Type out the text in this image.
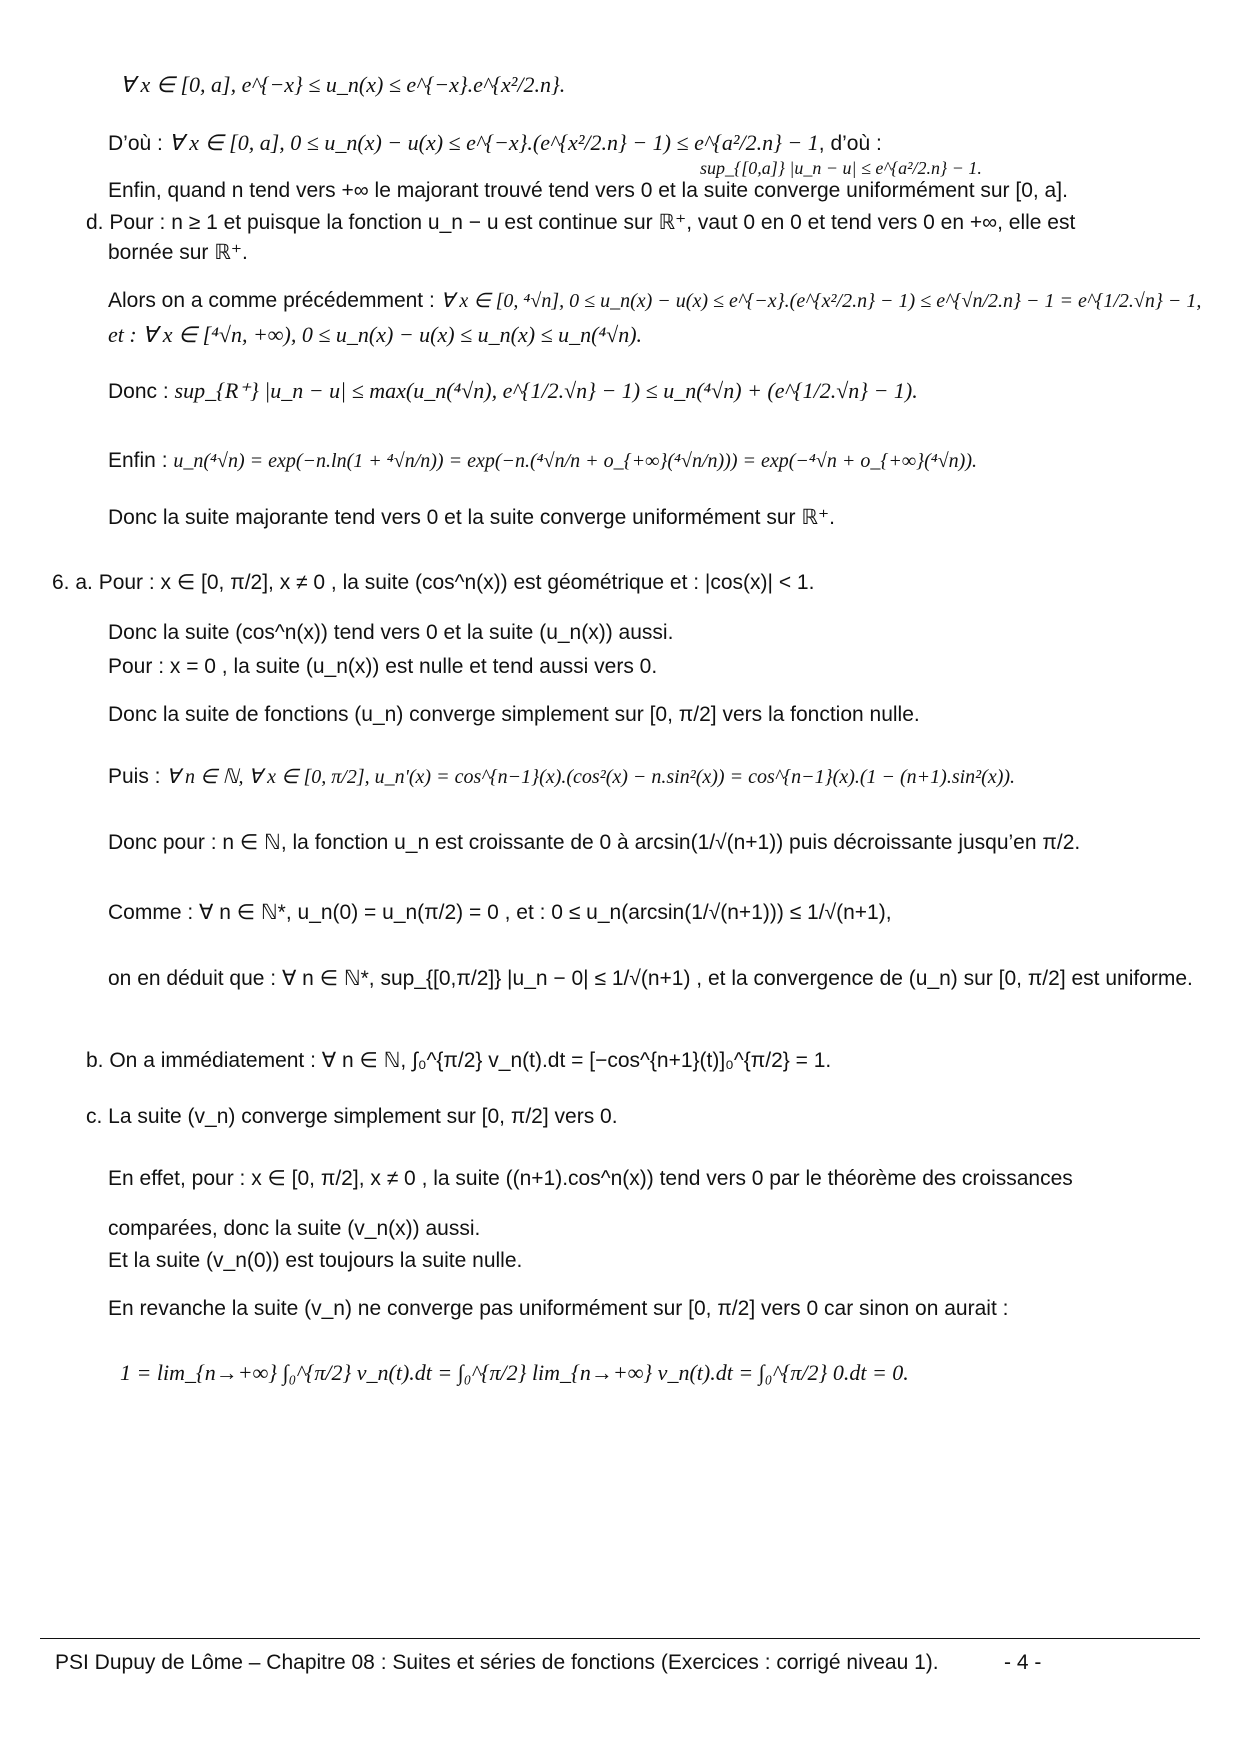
∀ x ∈ [0, a], e^{−x} ≤ u_n(x) ≤ e^{−x}.e^{x²/2.n}.
D’où : ∀ x ∈ [0, a], 0 ≤ u_n(x) − u(x) ≤ e^{−x}.(e^{x²/2.n} − 1) ≤ e^{a²/2.n} − 1, d’où :
sup_{[0,a]} |u_n − u| ≤ e^{a²/2.n} − 1.
Enfin, quand n tend vers +∞ le majorant trouvé tend vers 0 et la suite converge uniformément sur [0, a].
d. Pour : n ≥ 1 et puisque la fonction u_n − u est continue sur ℝ⁺, vaut 0 en 0 et tend vers 0 en +∞, elle est
bornée sur ℝ⁺.
Alors on a comme précédemment : ∀ x ∈ [0, ⁴√n], 0 ≤ u_n(x) − u(x) ≤ e^{−x}.(e^{x²/2.n} − 1) ≤ e^{√n/2.n} − 1 = e^{1/2.√n} − 1,
et : ∀ x ∈ [⁴√n, +∞), 0 ≤ u_n(x) − u(x) ≤ u_n(x) ≤ u_n(⁴√n).
Donc : sup_{R⁺} |u_n − u| ≤ max(u_n(⁴√n), e^{1/2.√n} − 1) ≤ u_n(⁴√n) + (e^{1/2.√n} − 1).
Enfin : u_n(⁴√n) = exp(−n.ln(1 + ⁴√n/n)) = exp(−n.(⁴√n/n + o_{+∞}(⁴√n/n))) = exp(−⁴√n + o_{+∞}(⁴√n)).
Donc la suite majorante tend vers 0 et la suite converge uniformément sur ℝ⁺.
6. a. Pour : x ∈ [0, π/2], x ≠ 0 , la suite (cos^n(x)) est géométrique et : |cos(x)| < 1.
Donc la suite (cos^n(x)) tend vers 0 et la suite (u_n(x)) aussi.
Pour : x = 0 , la suite (u_n(x)) est nulle et tend aussi vers 0.
Donc la suite de fonctions (u_n) converge simplement sur [0, π/2] vers la fonction nulle.
Puis : ∀ n ∈ ℕ, ∀ x ∈ [0, π/2], u_n'(x) = cos^{n−1}(x).(cos²(x) − n.sin²(x)) = cos^{n−1}(x).(1 − (n+1).sin²(x)).
Donc pour : n ∈ ℕ, la fonction u_n est croissante de 0 à arcsin(1/√(n+1)) puis décroissante jusqu’en π/2.
Comme : ∀ n ∈ ℕ*, u_n(0) = u_n(π/2) = 0 , et : 0 ≤ u_n(arcsin(1/√(n+1))) ≤ 1/√(n+1),
on en déduit que : ∀ n ∈ ℕ*, sup_{[0,π/2]} |u_n − 0| ≤ 1/√(n+1) , et la convergence de (u_n) sur [0, π/2] est uniforme.
b. On a immédiatement : ∀ n ∈ ℕ, ∫₀^{π/2} v_n(t).dt = [−cos^{n+1}(t)]₀^{π/2} = 1.
c. La suite (v_n) converge simplement sur [0, π/2] vers 0.
En effet, pour : x ∈ [0, π/2], x ≠ 0 , la suite ((n+1).cos^n(x)) tend vers 0 par le théorème des croissances
comparées, donc la suite (v_n(x)) aussi.
Et la suite (v_n(0)) est toujours la suite nulle.
En revanche la suite (v_n) ne converge pas uniformément sur [0, π/2] vers 0 car sinon on aurait :
1 = lim_{n→+∞} ∫₀^{π/2} v_n(t).dt = ∫₀^{π/2} lim_{n→+∞} v_n(t).dt = ∫₀^{π/2} 0.dt = 0.
PSI Dupuy de Lôme – Chapitre 08 : Suites et séries de fonctions (Exercices : corrigé niveau 1).	- 4 -
